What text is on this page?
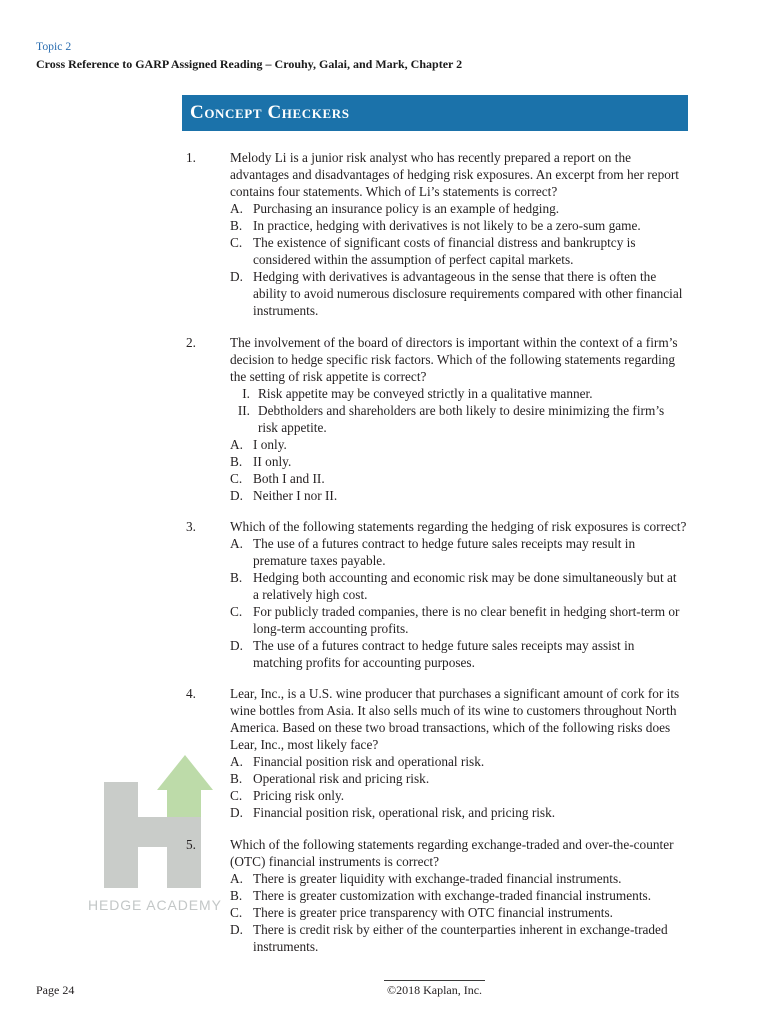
Topic 2
Cross Reference to GARP Assigned Reading – Crouhy, Galai, and Mark, Chapter 2
Concept Checkers
HEDGE ACADEMY
1.	Melody Li is a junior risk analyst who has recently prepared a report on the
advantages and disadvantages of hedging risk exposures. An excerpt from her report
contains four statements. Which of Li’s statements is correct?
A. Purchasing an insurance policy is an example of hedging.
B. In practice, hedging with derivatives is not likely to be a zero-sum game.
C. The existence of significant costs of financial distress and bankruptcy is
considered within the assumption of perfect capital markets.
D. Hedging with derivatives is advantageous in the sense that there is often the
ability to avoid numerous disclosure requirements compared with other financial
instruments.
2.	The involvement of the board of directors is important within the context of a firm’s
decision to hedge specific risk factors. Which of the following statements regarding
the setting of risk appetite is correct?
I. Risk appetite may be conveyed strictly in a qualitative manner.
II. Debtholders and shareholders are both likely to desire minimizing the firm’s
risk appetite.
A. I only.
B. II only.
C. Both I and II.
D. Neither I nor II.
3.	Which of the following statements regarding the hedging of risk exposures is correct?
A. The use of a futures contract to hedge future sales receipts may result in
premature taxes payable.
B. Hedging both accounting and economic risk may be done simultaneously but at
a relatively high cost.
C. For publicly traded companies, there is no clear benefit in hedging short-term or
long-term accounting profits.
D. The use of a futures contract to hedge future sales receipts may assist in
matching profits for accounting purposes.
4.	Lear, Inc., is a U.S. wine producer that purchases a significant amount of cork for its
wine bottles from Asia. It also sells much of its wine to customers throughout North
America. Based on these two broad transactions, which of the following risks does
Lear, Inc., most likely face?
A. Financial position risk and operational risk.
B. Operational risk and pricing risk.
C. Pricing risk only.
D. Financial position risk, operational risk, and pricing risk.
5.	Which of the following statements regarding exchange-traded and over-the-counter
(OTC) financial instruments is correct?
A. There is greater liquidity with exchange-traded financial instruments.
B. There is greater customization with exchange-traded financial instruments.
C. There is greater price transparency with OTC financial instruments.
D. There is credit risk by either of the counterparties inherent in exchange-traded
instruments.
Page 24	©2018 Kaplan, Inc.
